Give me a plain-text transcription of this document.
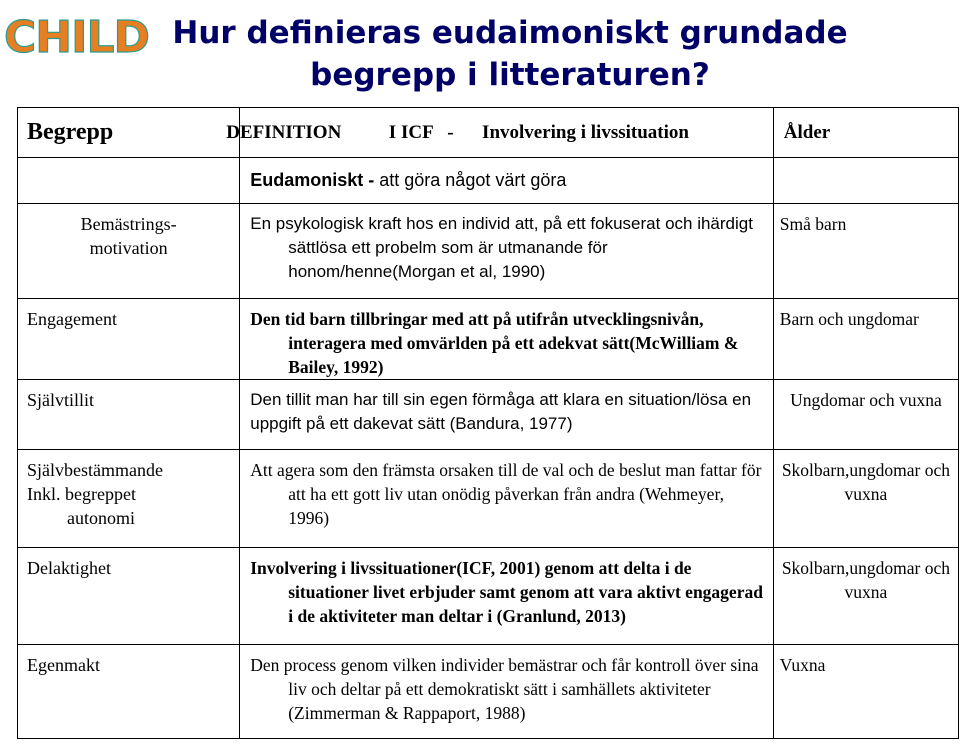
CHILD Hur definieras eudaimoniskt grundade begrepp i litteraturen?
Begrepp	DEFINITION          I ICF   -      Involvering i livssituation	Ålder
	Eudamoniskt - att göra något värt göra	

Bemästrings-
motivation	En psykologisk kraft hos en individ att, på ett fokuserat och ihärdigt sättlösa ett probelm som är utmanande för honom/henne(Morgan et al, 1990)	Små barn

Engagement	Den tid barn tillbringar med att på utifrån utvecklingsnivån, interagera med omvärlden på ett adekvat sätt(McWilliam & Bailey, 1992)	Barn och ungdomar

Självtillit	Den tillit man har till sin egen förmåga att klara en situation/lösa en uppgift på ett dakevat sätt (Bandura, 1977)	Ungdomar och vuxna

Självbestämmande
Inkl. begreppet
autonomi	Att agera som den främsta orsaken till de val och de beslut man fattar för att ha ett gott liv utan onödig påverkan från andra (Wehmeyer, 1996)	Skolbarn,ungdomar och vuxna

Delaktighet	Involvering i livssituationer(ICF, 2001) genom att delta i de situationer livet erbjuder samt genom att vara aktivt engagerad i de aktiviteter man deltar i (Granlund, 2013)	Skolbarn,ungdomar och vuxna

Egenmakt	Den process genom vilken individer bemästrar och får kontroll över sina liv och deltar på ett demokratiskt sätt i samhällets aktiviteter (Zimmerman & Rappaport, 1988)	Vuxna
